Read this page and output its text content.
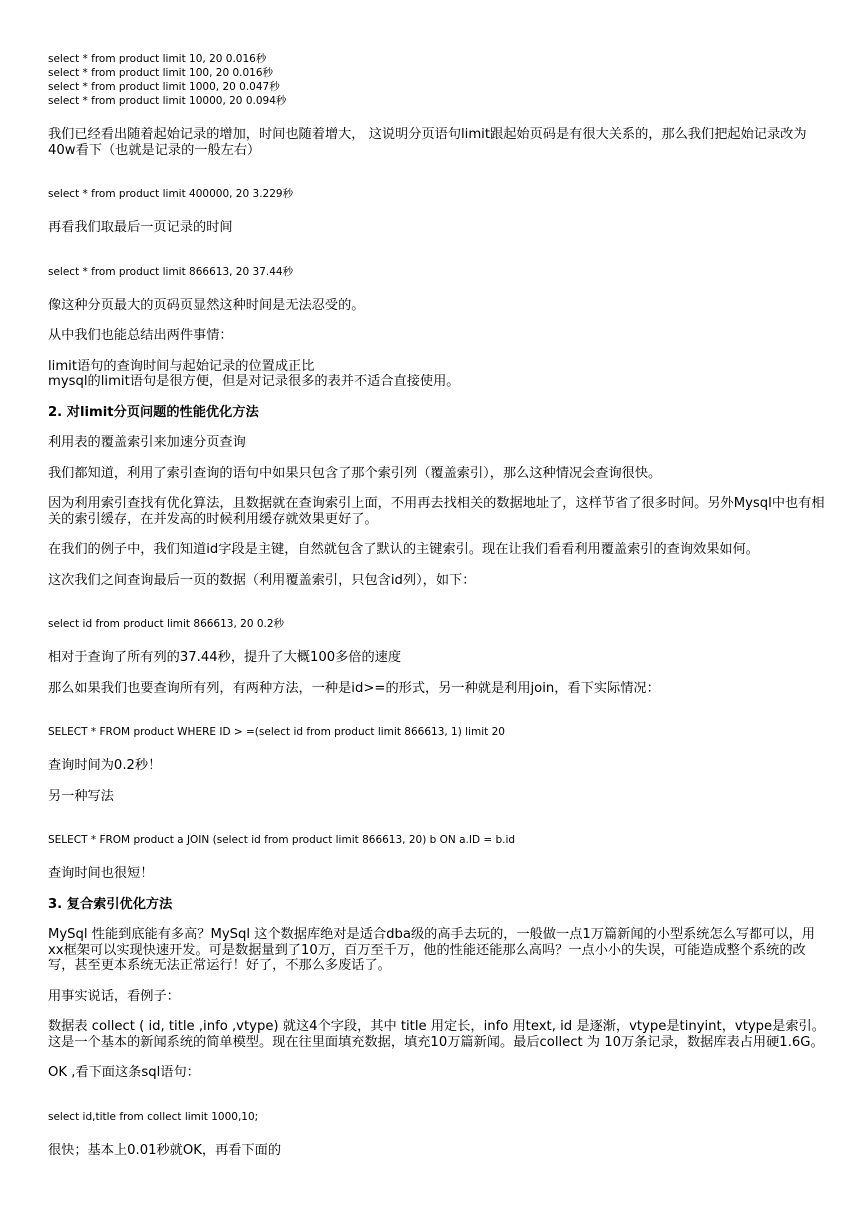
select * from product limit 10, 20 0.016秒
select * from product limit 100, 20 0.016秒
select * from product limit 1000, 20 0.047秒
select * from product limit 10000, 20 0.094秒

我们已经看出随着起始记录的增加，时间也随着增大， 这说明分页语句limit跟起始页码是有很大关系的，那么我们把起始记录改为40w看下（也就是记录的一般左右）

select * from product limit 400000, 20 3.229秒

再看我们取最后一页记录的时间

select * from product limit 866613, 20 37.44秒

像这种分页最大的页码页显然这种时间是无法忍受的。

从中我们也能总结出两件事情：

limit语句的查询时间与起始记录的位置成正比

mysql的limit语句是很方便，但是对记录很多的表并不适合直接使用。

2. 对limit分页问题的性能优化方法

利用表的覆盖索引来加速分页查询

我们都知道，利用了索引查询的语句中如果只包含了那个索引列（覆盖索引），那么这种情况会查询很快。

因为利用索引查找有优化算法，且数据就在查询索引上面，不用再去找相关的数据地址了，这样节省了很多时间。另外Mysql中也有相关的索引缓存，在并发高的时候利用缓存就效果更好了。

在我们的例子中，我们知道id字段是主键，自然就包含了默认的主键索引。现在让我们看看利用覆盖索引的查询效果如何。

这次我们之间查询最后一页的数据（利用覆盖索引，只包含id列），如下：

select id from product limit 866613, 20 0.2秒

相对于查询了所有列的37.44秒，提升了大概100多倍的速度

那么如果我们也要查询所有列，有两种方法，一种是id>=的形式，另一种就是利用join，看下实际情况：

SELECT * FROM product WHERE ID > =(select id from product limit 866613, 1) limit 20

查询时间为0.2秒！

另一种写法

SELECT * FROM product a JOIN (select id from product limit 866613, 20) b ON a.ID = b.id

查询时间也很短！

3. 复合索引优化方法

MySql 性能到底能有多高？MySql 这个数据库绝对是适合dba级的高手去玩的，一般做一点1万篇新闻的小型系统怎么写都可以，用xx框架可以实现快速开发。可是数据量到了10万，百万至千万，他的性能还能那么高吗？一点小小的失误，可能造成整个系统的改写，甚至更本系统无法正常运行！好了，不那么多废话了。

用事实说话，看例子：

数据表 collect ( id, title ,info ,vtype) 就这4个字段，其中 title 用定长，info 用text, id 是逐渐，vtype是tinyint，vtype是索引。这是一个基本的新闻系统的简单模型。现在往里面填充数据，填充10万篇新闻。最后collect 为 10万条记录，数据库表占用硬1.6G。

OK ,看下面这条sql语句：

select id,title from collect limit 1000,10;

很快；基本上0.01秒就OK，再看下面的
